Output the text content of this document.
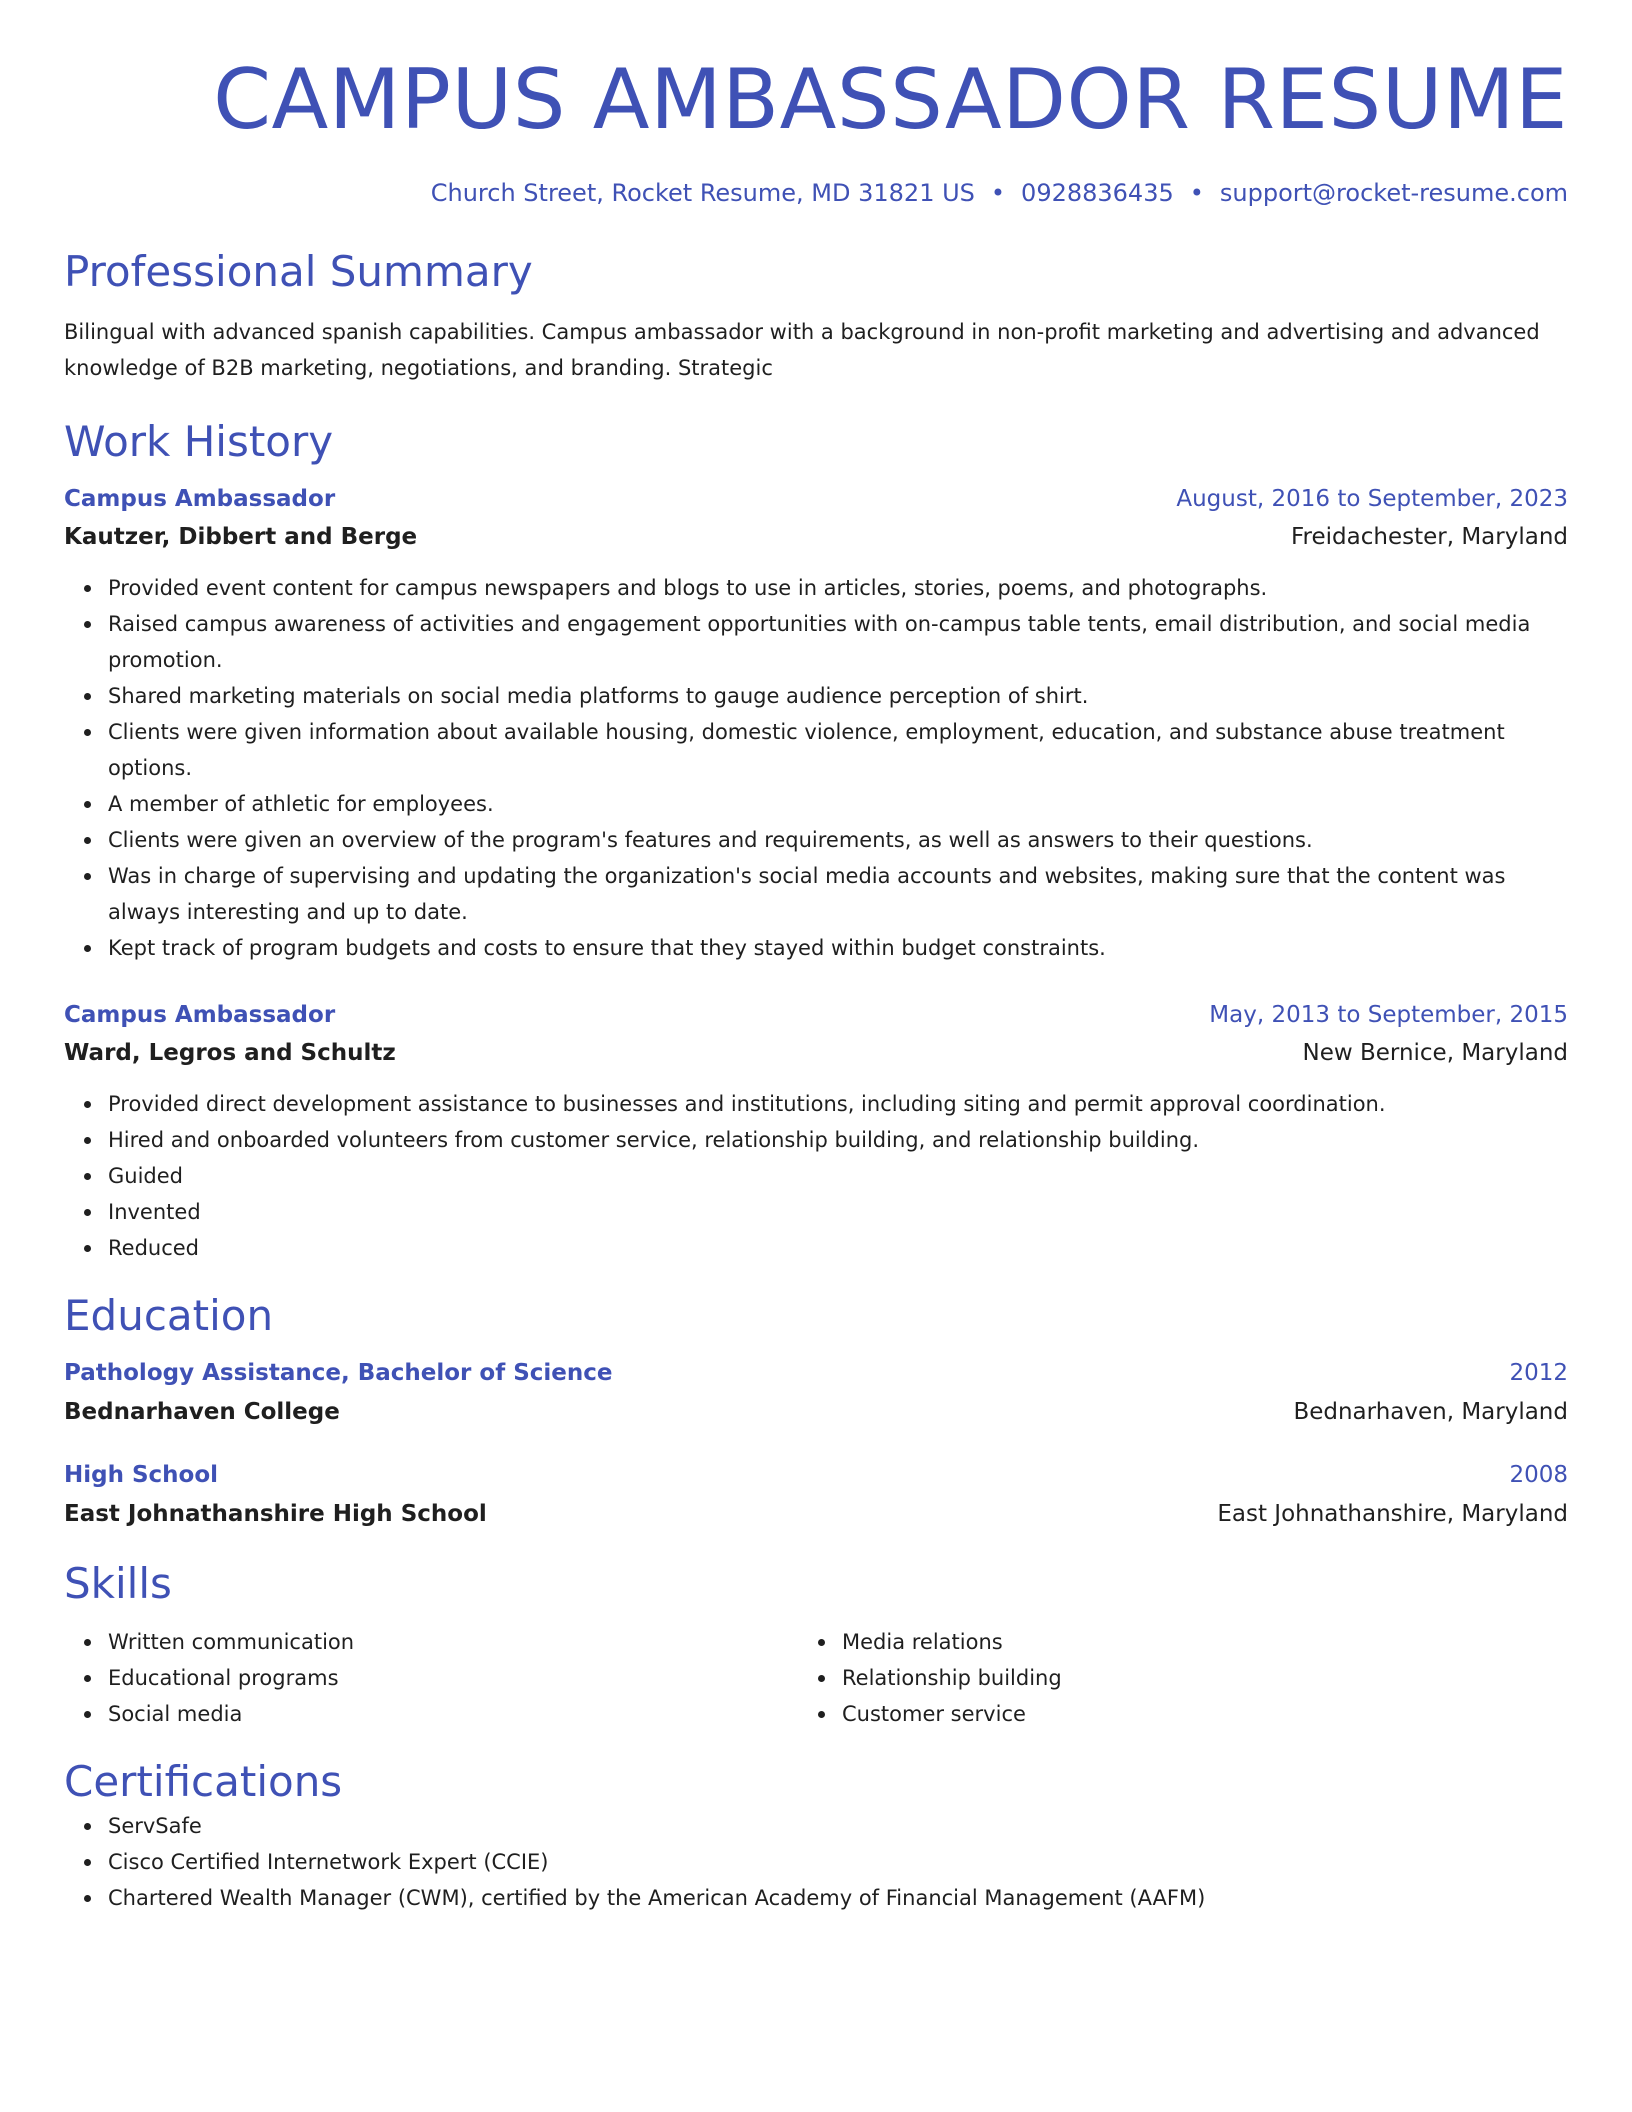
CAMPUS AMBASSADOR RESUME
Church Street, Rocket Resume, MD 31821 US • 0928836435 • support@rocket-resume.com
Professional Summary
Bilingual with advanced spanish capabilities. Campus ambassador with a background in non-profit marketing and advertising and advanced knowledge of B2B marketing, negotiations, and branding. Strategic
Work History
Campus Ambassador	August, 2016 to September, 2023
Kautzer, Dibbert and Berge	Freidachester, Maryland
Provided event content for campus newspapers and blogs to use in articles, stories, poems, and photographs.
Raised campus awareness of activities and engagement opportunities with on-campus table tents, email distribution, and social media promotion.
Shared marketing materials on social media platforms to gauge audience perception of shirt.
Clients were given information about available housing, domestic violence, employment, education, and substance abuse treatment options.
A member of athletic for employees.
Clients were given an overview of the program's features and requirements, as well as answers to their questions.
Was in charge of supervising and updating the organization's social media accounts and websites, making sure that the content was always interesting and up to date.
Kept track of program budgets and costs to ensure that they stayed within budget constraints.
Campus Ambassador	May, 2013 to September, 2015
Ward, Legros and Schultz	New Bernice, Maryland
Provided direct development assistance to businesses and institutions, including siting and permit approval coordination.
Hired and onboarded volunteers from customer service, relationship building, and relationship building.
Guided
Invented
Reduced
Education
Pathology Assistance, Bachelor of Science	2012
Bednarhaven College	Bednarhaven, Maryland
High School	2008
East Johnathanshire High School	East Johnathanshire, Maryland
Skills
Written communication
Educational programs
Social media
Media relations
Relationship building
Customer service
Certifications
ServSafe
Cisco Certified Internetwork Expert (CCIE)
Chartered Wealth Manager (CWM), certified by the American Academy of Financial Management (AAFM)
